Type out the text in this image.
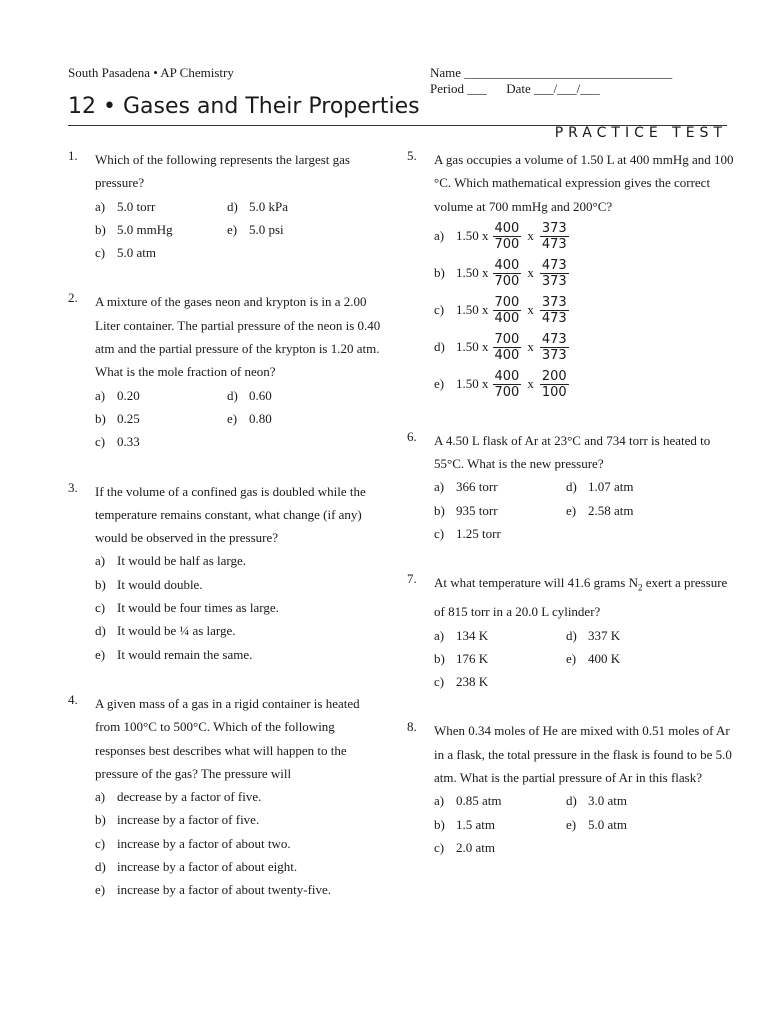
South Pasadena • AP Chemistry	Name ________________________________
Period ___      Date ___/___/___
12 • Gases and Their Properties
PRACTICE TEST
1. Which of the following represents the largest gas pressure?
a) 5.0 torr	d) 5.0 kPa
b) 5.0 mmHg	e) 5.0 psi
c) 5.0 atm
2. A mixture of the gases neon and krypton is in a 2.00 Liter container. The partial pressure of the neon is 0.40 atm and the partial pressure of the krypton is 1.20 atm. What is the mole fraction of neon?
a) 0.20	d) 0.60
b) 0.25	e) 0.80
c) 0.33
3. If the volume of a confined gas is doubled while the temperature remains constant, what change (if any) would be observed in the pressure?
a) It would be half as large.
b) It would double.
c) It would be four times as large.
d) It would be ¼ as large.
e) It would remain the same.
4. A given mass of a gas in a rigid container is heated from 100°C to 500°C. Which of the following responses best describes what will happen to the pressure of the gas? The pressure will
a) decrease by a factor of five.
b) increase by a factor of five.
c) increase by a factor of about two.
d) increase by a factor of about eight.
e) increase by a factor of about twenty-five.
5. A gas occupies a volume of 1.50 L at 400 mmHg and 100 °C. Which mathematical expression gives the correct volume at 700 mmHg and 200°C?
a) 1.50 x $\frac{400}{700}$ x $\frac{373}{473}$
b) 1.50 x $\frac{400}{700}$ x $\frac{473}{373}$
c) 1.50 x $\frac{700}{400}$ x $\frac{373}{473}$
d) 1.50 x $\frac{700}{400}$ x $\frac{473}{373}$
e) 1.50 x $\frac{400}{700}$ x $\frac{200}{100}$
6. A 4.50 L flask of Ar at 23°C and 734 torr is heated to 55°C. What is the new pressure?
a) 366 torr	d) 1.07 atm
b) 935 torr	e) 2.58 atm
c) 1.25 torr
7. At what temperature will 41.6 grams $N_2$ exert a pressure of 815 torr in a 20.0 L cylinder?
a) 134 K	d) 337 K
b) 176 K	e) 400 K
c) 238 K
8. When 0.34 moles of He are mixed with 0.51 moles of Ar in a flask, the total pressure in the flask is found to be 5.0 atm. What is the partial pressure of Ar in this flask?
a) 0.85 atm	d) 3.0 atm
b) 1.5 atm	e) 5.0 atm
c) 2.0 atm
